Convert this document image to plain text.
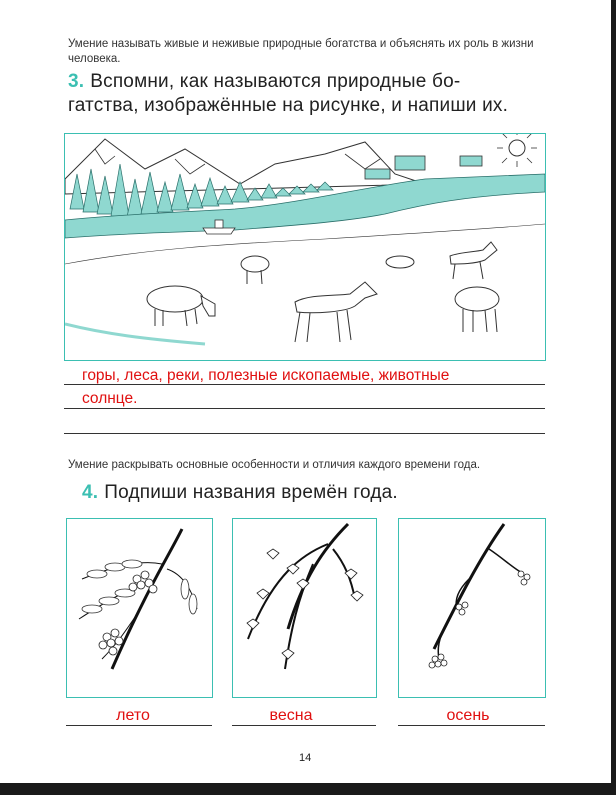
Умение называть живые и неживые природные богатства и объяснять их роль в жизни человека.
3. Вспомни, как называются природные бо-
гатства, изображённые на рисунке, и напиши их.
горы, леса, реки, полезные ископаемые, животные
солнце.
Умение раскрывать основные особенности и отличия каждого времени года.
4. Подпиши названия времён года.
лето	весна	осень
14
